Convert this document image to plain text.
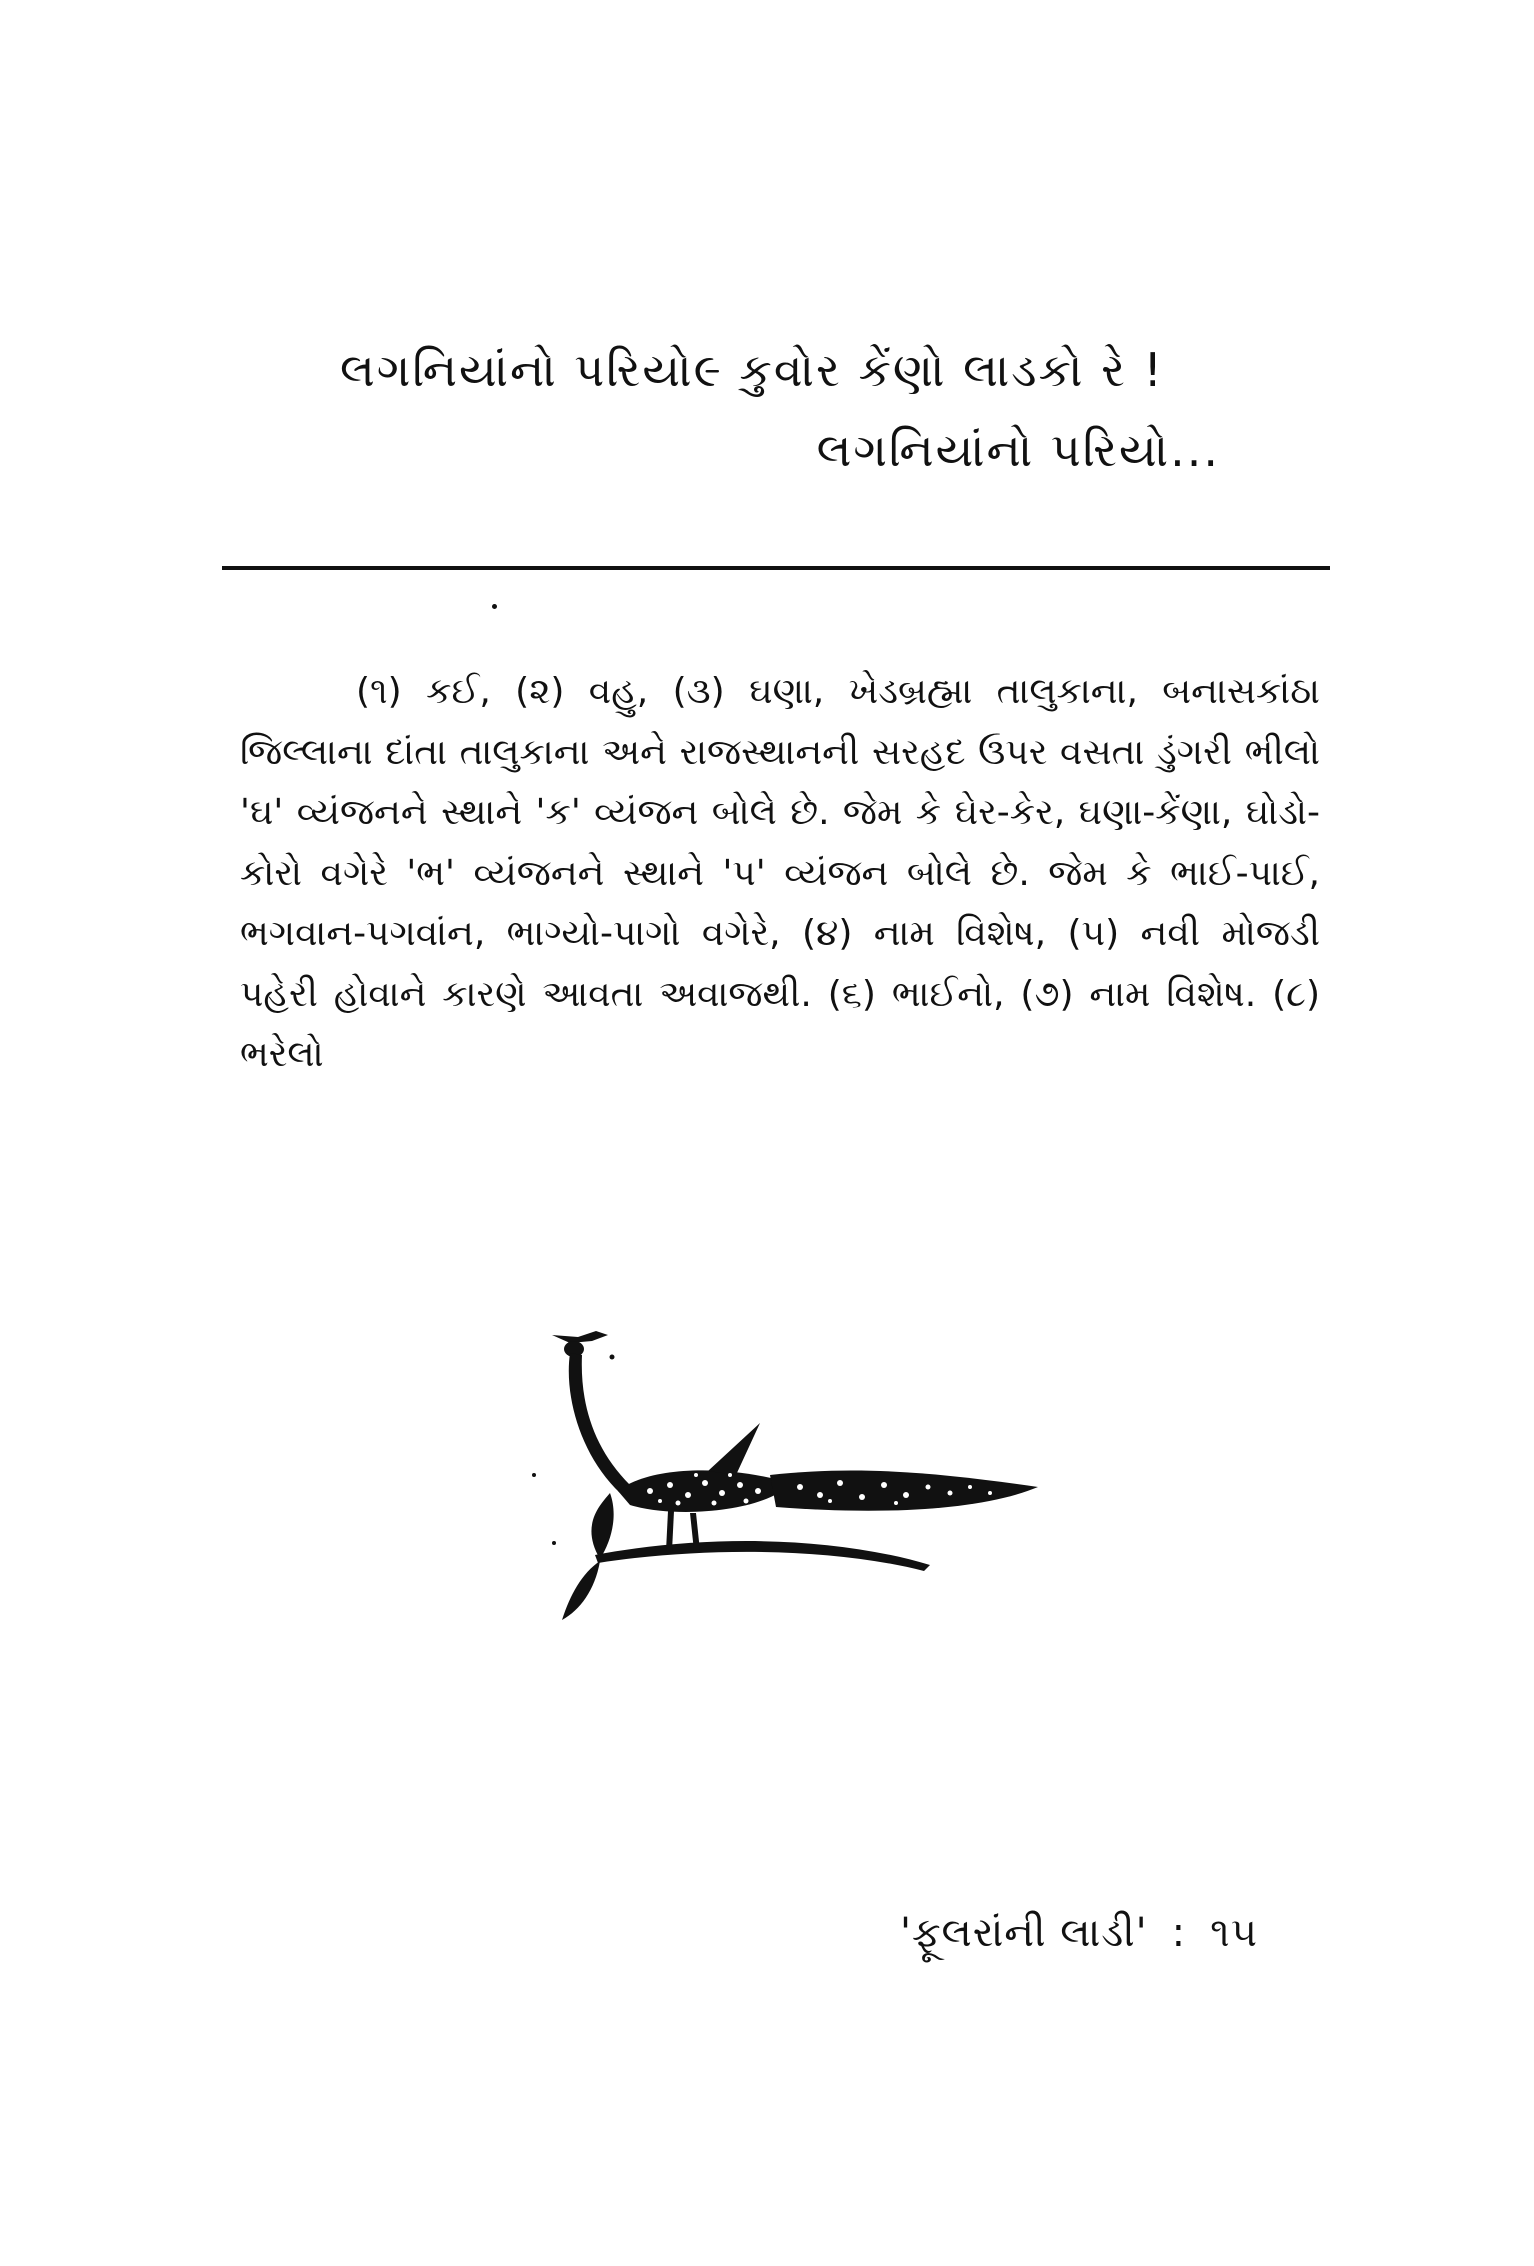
લગનિયાંનો પરિયો૯ કુવોર કેંણો લાડકો રે !
લગનિયાંનો પરિયો...
(૧) કઈ, (૨) વહુ, (૩) ઘણા, ખેડબ્રહ્મા તાલુકાના, બનાસકાંઠા જિલ્લાના દાંતા તાલુકાના અને રાજસ્થાનની સરહદ ઉપર વસતા ડુંગરી ભીલો 'ઘ' વ્યંજનને સ્થાને 'ક' વ્યંજન બોલે છે. જેમ કે ઘેર-કેર, ઘણા-કેંણા, ઘોડો-કોરો વગેરે 'ભ' વ્યંજનને સ્થાને 'પ' વ્યંજન બોલે છે. જેમ કે ભાઈ-પાઈ, ભગવાન-પગવાંન, ભાગ્યો-પાગો વગેરે, (૪) નામ વિશેષ, (૫) નવી મોજડી પહેરી હોવાને કારણે આવતા અવાજથી. (૬) ભાઈનો, (૭) નામ વિશેષ. (૮) ભરેલો
'ફૂલરાંની લાડી' : ૧૫
